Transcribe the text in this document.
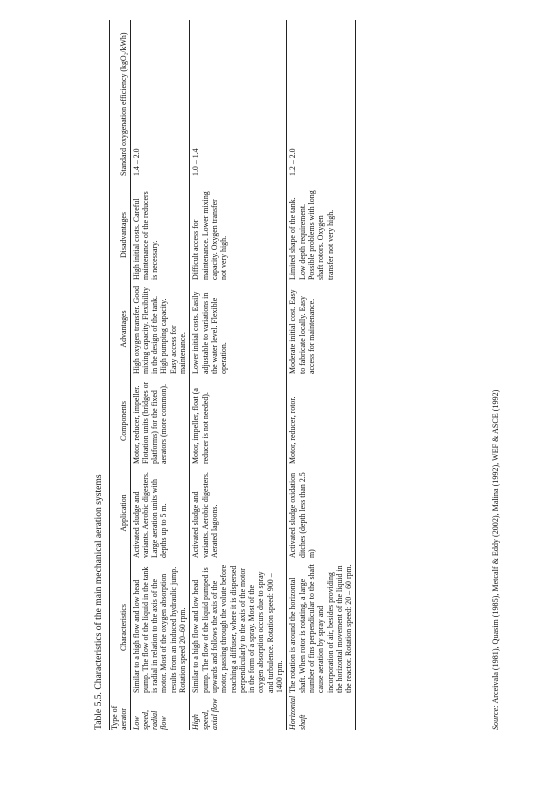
Table 5.5. Characteristics of the main mechanical aeration systems Type of aerator	Characteristics	Application	Components	Advantages	Disadvantages	Standard oxygenation efficiency (kgO₂/kWh)
Low speed, radial flow	Similar to a high flow and low head pump. The flow of the liquid in the tank is radial in relation to the axis of the motor. Most of the oxygen absorption results from an induced hydraulic jump. Rotation speed 20–60 rpm.	Activated sludge and variants. Aerobic digesters. Large aeration units with depths up to 5 m.	Motor, reducer, impeller. Flotation units (bridges or platforms) for the fixed aerators (more common).	High oxygen transfer. Good mixing capacity. Flexibility in the design of the tank. High pumping capacity. Easy access for maintenance.	High initial costs. Careful maintenance of the reducers is necessary.	1.4 – 2.0
High speed, axial flow	Similar to a high flow and low head pump. The flow of the liquid pumped is upwards and follows the axis of the motor, passing through the volute before reaching a diffuser, where it is dispersed perpendicularly to the axis of the motor in the form of a spray. Most of the oxygen absorption occurs due to spray and turbulence. Rotation speed: 900 – 1400 rpm.	Activated sludge and variants. Aerobic digesters. Aerated lagoons.	Motor, impeller, float (a reducer is not needed).	Lower initial costs. Easily adjustable to variations in the water level. Flexible operation.	Difficult access for maintenance. Lower mixing capacity. Oxygen transfer not very high.	1.0 – 1.4
Horizontal shaft	The rotation is around the horizontal shaft. When rotor is rotating, a large number of fins perpendicular to the shaft cause aeration by spray and incorporation of air, besides providing the horizontal movement of the liquid in the reactor. Rotation speed: 20 – 60 rpm.	Activated sludge oxidation ditches (depth less than 2.5 m)	Motor, reducer, rotor.	Moderate initial cost. Easy to fabricate locally. Easy access for maintenance.	Limited shape of the tank. Low depth requirement. Possible problems with long shaft rotors. Oxygen transfer not very high.	1.2 – 2.0
Source: Arceivala (1981), Quasim (1985), Metcalf & Eddy (2002), Malina (1992), WEF & ASCE (1992)
